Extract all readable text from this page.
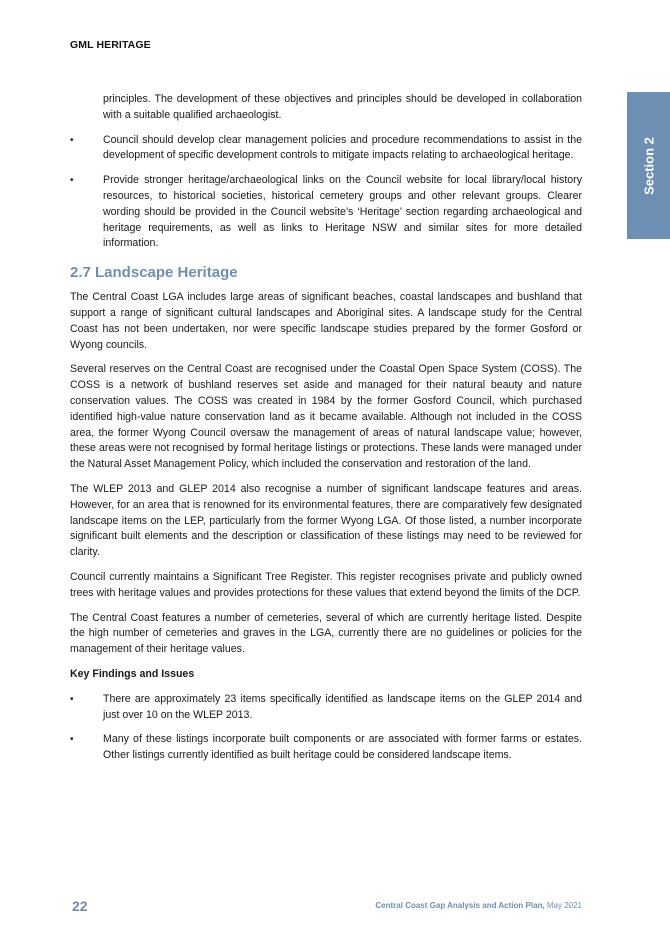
GML HERITAGE
Section 2

principles. The development of these objectives and principles should be developed in collaboration with a suitable qualified archaeologist.

• Council should develop clear management policies and procedure recommendations to assist in the development of specific development controls to mitigate impacts relating to archaeological heritage.
• Provide stronger heritage/archaeological links on the Council website for local library/local history resources, to historical societies, historical cemetery groups and other relevant groups. Clearer wording should be provided in the Council website’s ‘Heritage’ section regarding archaeological and heritage requirements, as well as links to Heritage NSW and similar sites for more detailed information.
2.7 Landscape Heritage

The Central Coast LGA includes large areas of significant beaches, coastal landscapes and bushland that support a range of significant cultural landscapes and Aboriginal sites. A landscape study for the Central Coast has not been undertaken, nor were specific landscape studies prepared by the former Gosford or Wyong councils.

Several reserves on the Central Coast are recognised under the Coastal Open Space System (COSS). The COSS is a network of bushland reserves set aside and managed for their natural beauty and nature conservation values. The COSS was created in 1984 by the former Gosford Council, which purchased identified high-value nature conservation land as it became available. Although not included in the COSS area, the former Wyong Council oversaw the management of areas of natural landscape value; however, these areas were not recognised by formal heritage listings or protections. These lands were managed under the Natural Asset Management Policy, which included the conservation and restoration of the land.

The WLEP 2013 and GLEP 2014 also recognise a number of significant landscape features and areas. However, for an area that is renowned for its environmental features, there are comparatively few designated landscape items on the LEP, particularly from the former Wyong LGA. Of those listed, a number incorporate significant built elements and the description or classification of these listings may need to be reviewed for clarity.

Council currently maintains a Significant Tree Register. This register recognises private and publicly owned trees with heritage values and provides protections for these values that extend beyond the limits of the DCP.

The Central Coast features a number of cemeteries, several of which are currently heritage listed. Despite the high number of cemeteries and graves in the LGA, currently there are no guidelines or policies for the management of their heritage values.

Key Findings and Issues

• There are approximately 23 items specifically identified as landscape items on the GLEP 2014 and just over 10 on the WLEP 2013.
• Many of these listings incorporate built components or are associated with former farms or estates. Other listings currently identified as built heritage could be considered landscape items.
22	Central Coast Gap Analysis and Action Plan, May 2021
